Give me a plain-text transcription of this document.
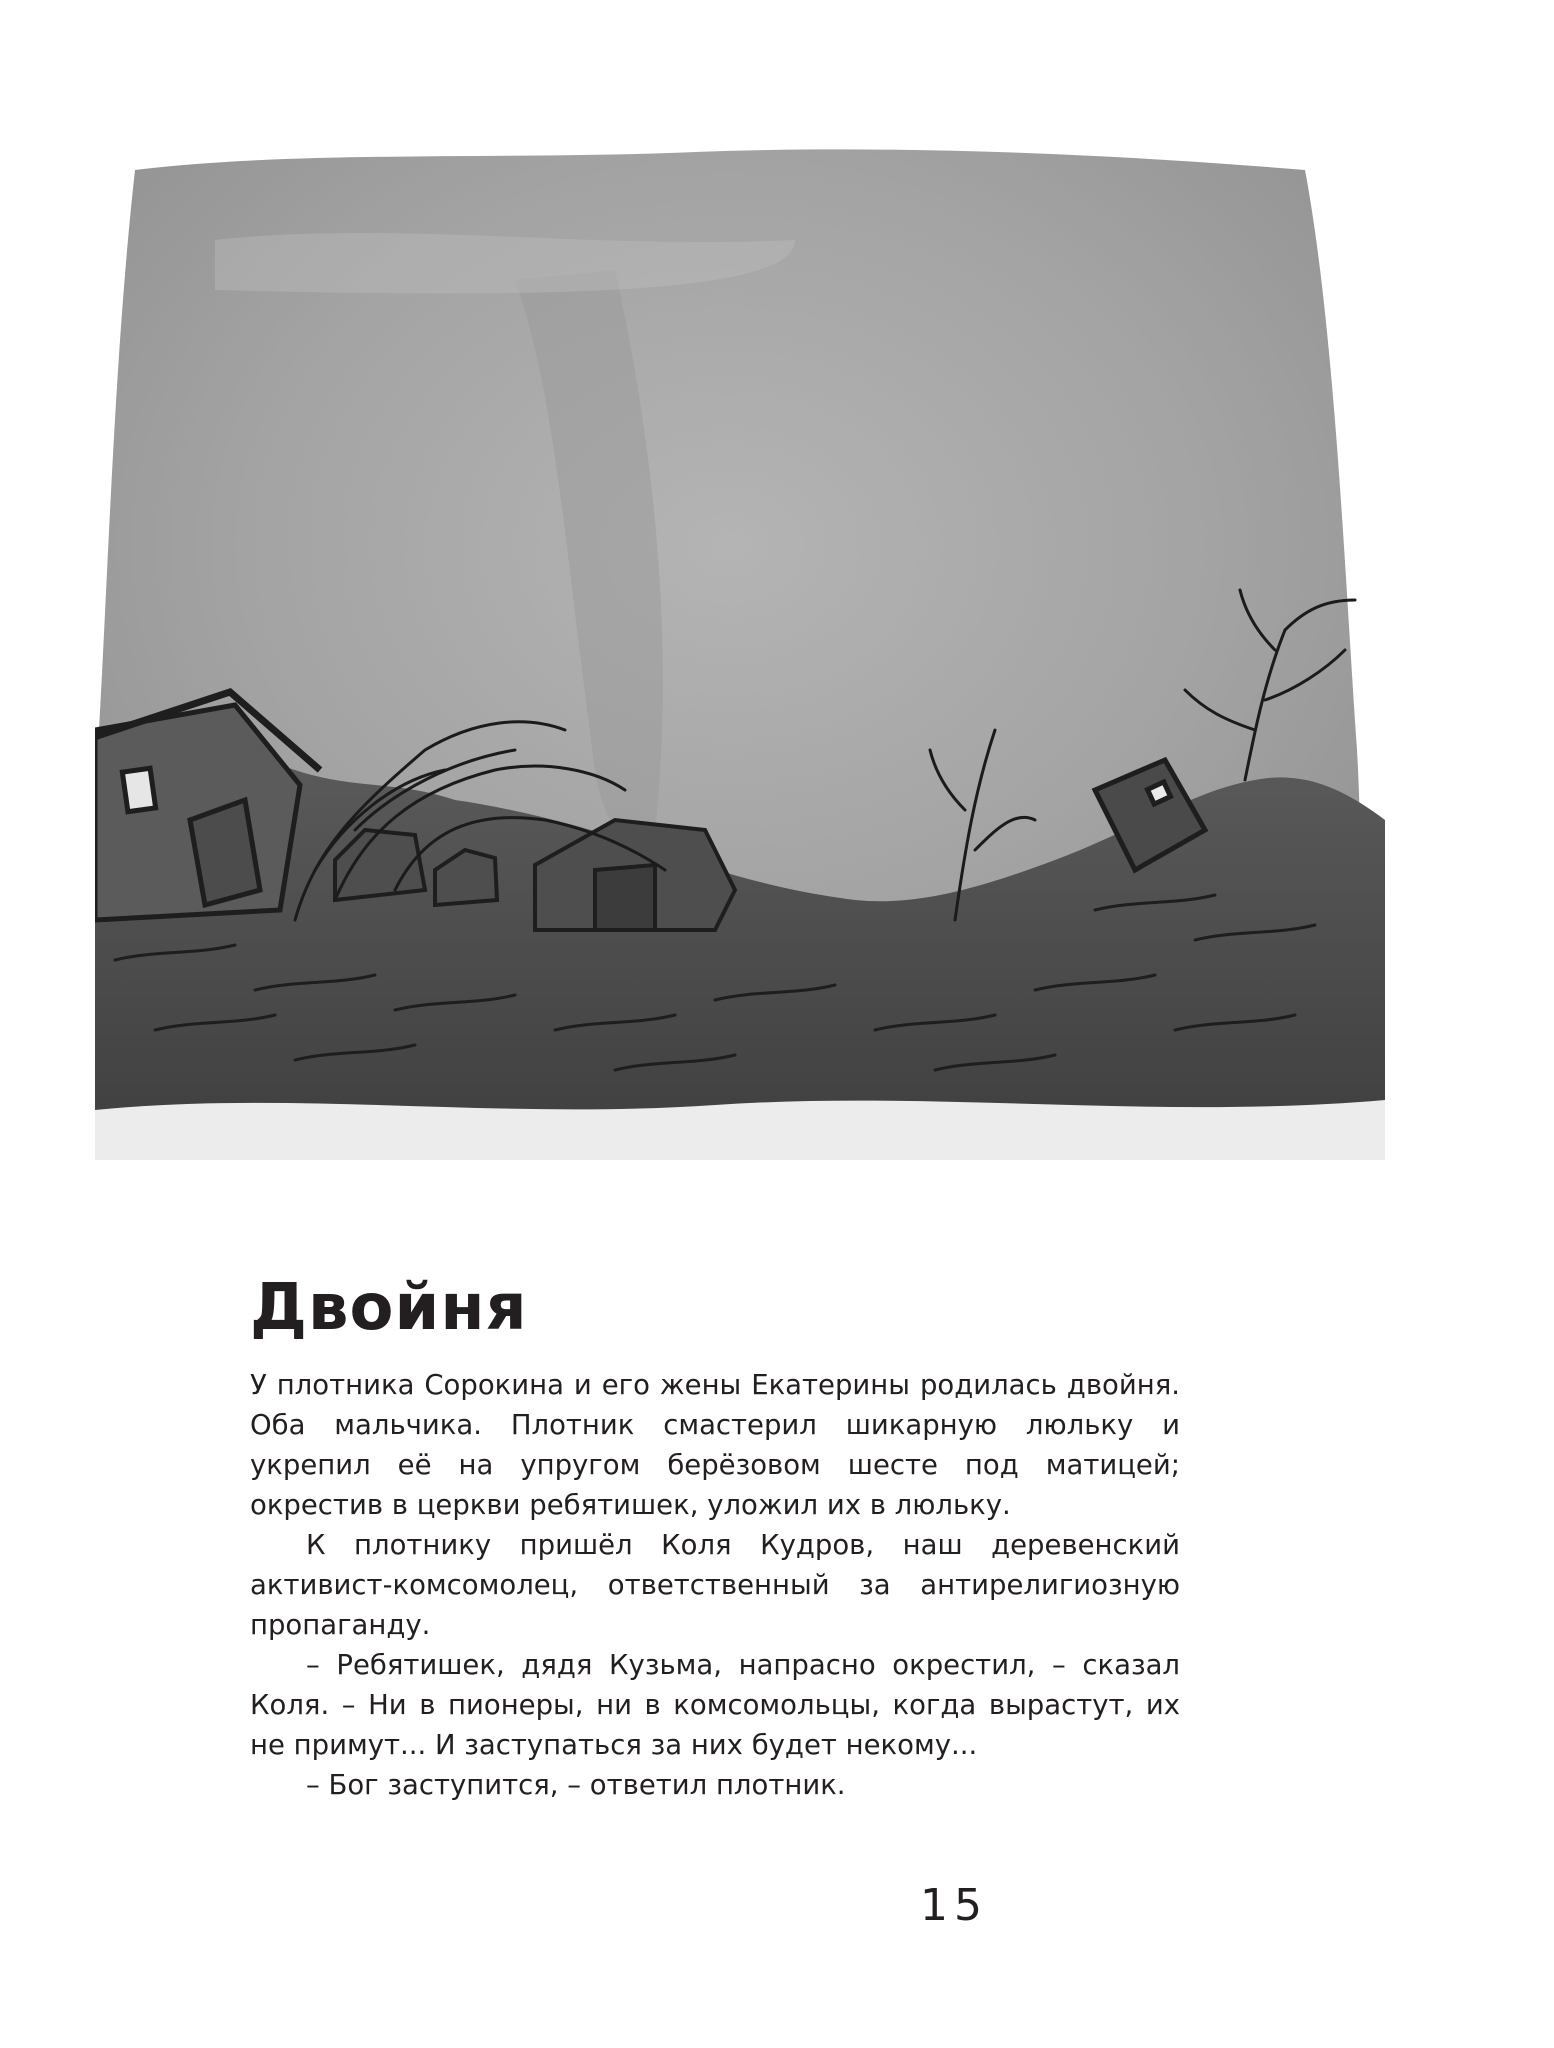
Двойня

У плотника Сорокина и его жены Екатерины родилась двойня. Оба мальчика. Плотник смастерил шикарную люльку и укрепил её на упругом берёзовом шесте под матицей; окрестив в церкви ребятишек, уложил их в люльку.

К плотнику пришёл Коля Кудров, наш деревенский активист-комсомолец, ответственный за антирелигиозную пропаганду.

– Ребятишек, дядя Кузьма, напрасно окрестил, – сказал Коля. – Ни в пионеры, ни в комсомольцы, когда вырастут, их не примут... И заступаться за них будет некому...

– Бог заступится, – ответил плотник.

15
